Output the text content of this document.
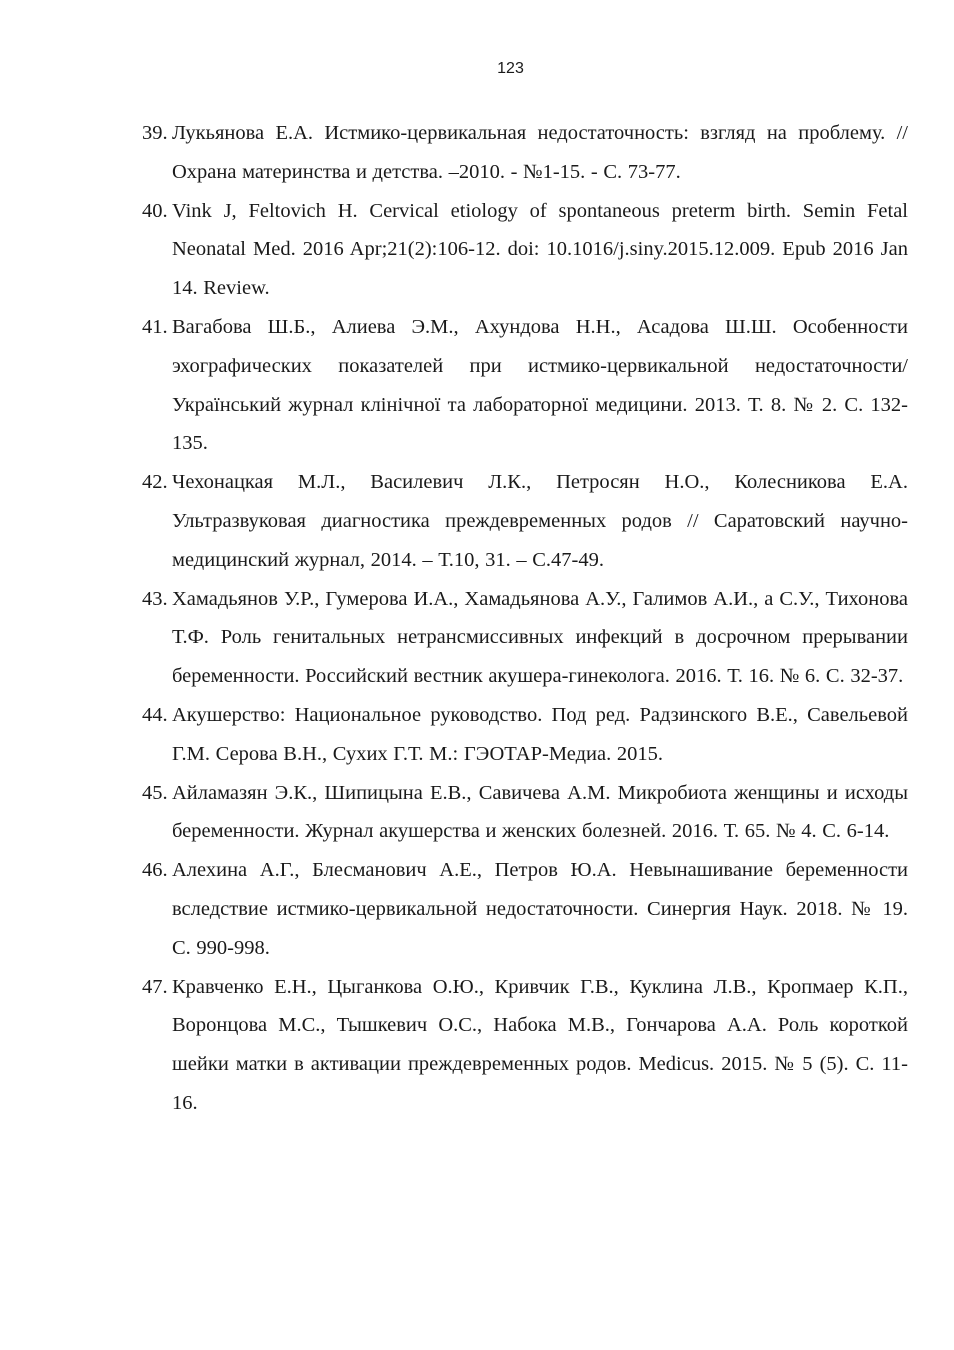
123
39. Лукьянова Е.А. Истмико-цервикальная недостаточность: взгляд на проблему. // Охрана материнства и детства. –2010. - №1-15. - С. 73-77.
40. Vink J, Feltovich H. Cervical etiology of spontaneous preterm birth. Semin Fetal Neonatal Med. 2016 Apr;21(2):106-12. doi: 10.1016/j.siny.2015.12.009. Epub 2016 Jan 14. Review.
41. Вагабова Ш.Б., Алиева Э.М., Ахундова Н.Н., Асадова Ш.Ш. Особенности эхографических показателей при истмико-цервикальной недостаточности/Український журнал клінічної та лабораторної медицини. 2013. Т. 8. № 2. С. 132-135.
42. Чехонацкая М.Л., Василевич Л.К., Петросян Н.О., Колесникова Е.А. Ультразвуковая диагностика преждевременных родов // Саратовский научно-медицинский журнал, 2014. – Т.10, 31. – С.47-49.
43. Хамадьянов У.Р., Гумерова И.А., Хамадьянова А.У., Галимов А.И., а С.У., Тихонова Т.Ф. Роль генитальных нетрансмиссивных инфекций в досрочном прерывании беременности. Российский вестник акушера-гинеколога. 2016. Т. 16. № 6. С. 32-37.
44. Акушерство: Национальное руководство. Под ред. Радзинского В.Е., Савельевой Г.М. Серова В.Н., Сухих Г.Т. М.: ГЭОТАР-Медиа. 2015.
45. Айламазян Э.К., Шипицына Е.В., Савичева А.М. Микробиота женщины и исходы беременности. Журнал акушерства и женских болезней. 2016. Т. 65. № 4. С. 6-14.
46. Алехина А.Г., Блесманович А.Е., Петров Ю.А. Невынашивание беременности вследствие истмико-цервикальной недостаточности. Синергия Наук. 2018. № 19. С. 990-998.
47. Кравченко Е.Н., Цыганкова О.Ю., Кривчик Г.В., Куклина Л.В., Кропмаер К.П., Воронцова М.С., Тышкевич О.С., Набока М.В., Гончарова А.А. Роль короткой шейки матки в активации преждевременных родов. Medicus. 2015. № 5 (5). С. 11-16.
